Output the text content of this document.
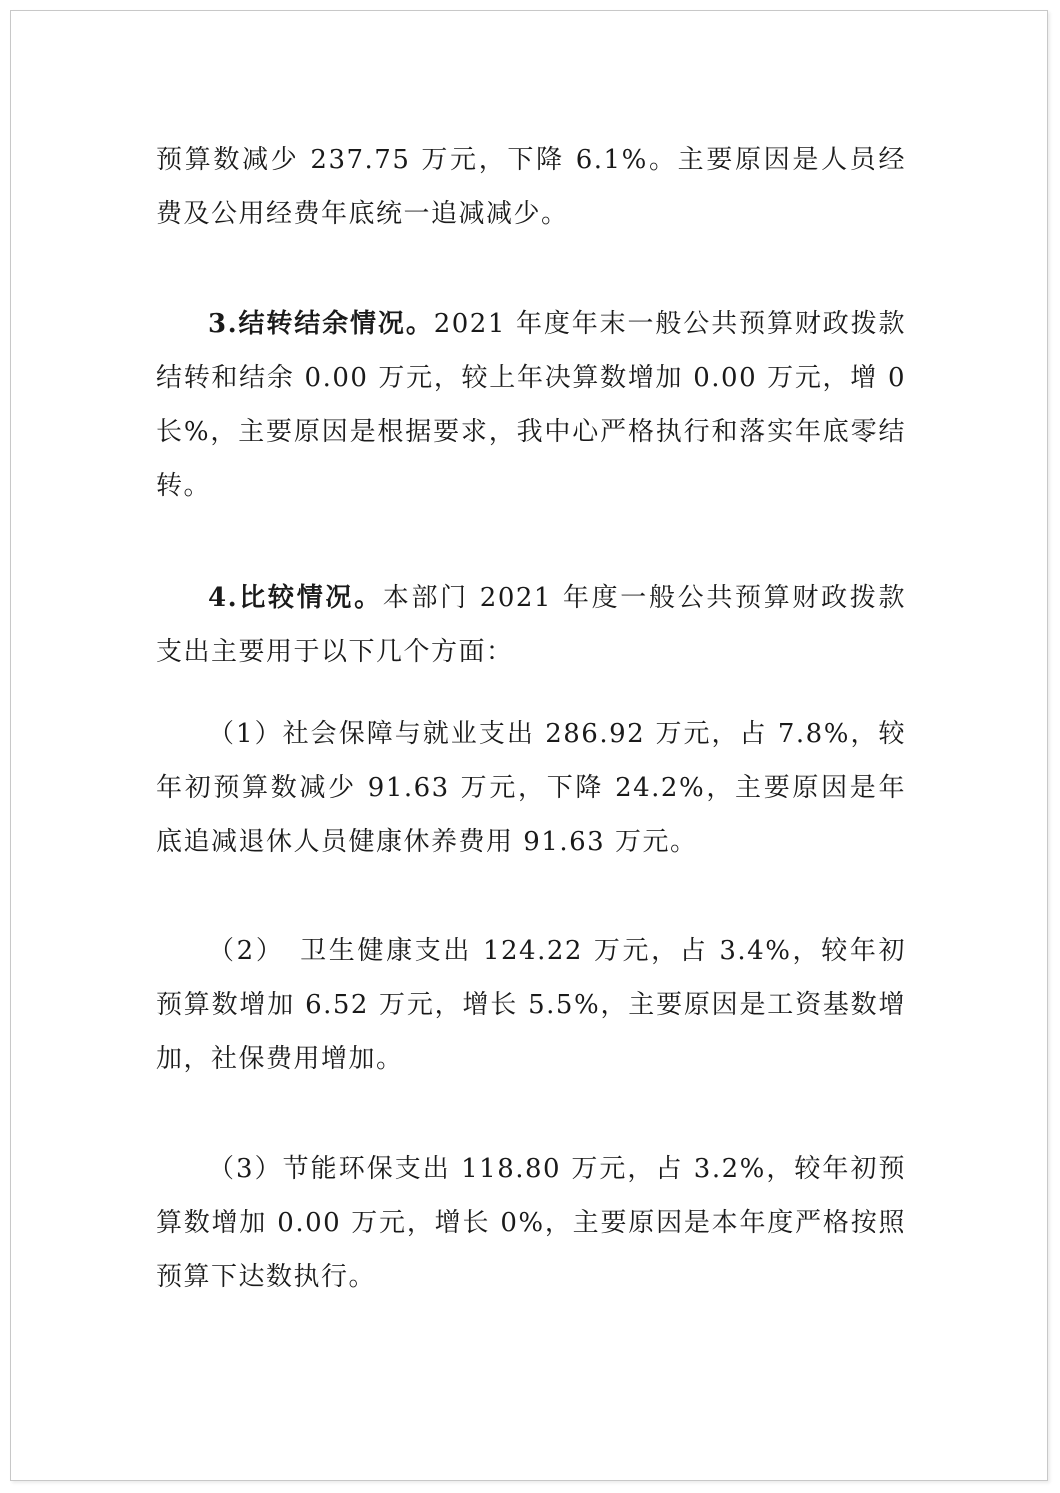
预算数减少 237.75 万元，下降 6.1%。主要原因是人员经费及公用经费年底统一追减减少。

3.结转结余情况。2021 年度年末一般公共预算财政拨款结转和结余 0.00 万元，较上年决算数增加 0.00 万元，增 0 长%，主要原因是根据要求，我中心严格执行和落实年底零结转。

4.比较情况。本部门 2021 年度一般公共预算财政拨款支出主要用于以下几个方面：

（1）社会保障与就业支出 286.92 万元，占 7.8%，较年初预算数减少 91.63 万元，下降 24.2%，主要原因是年底追减退休人员健康休养费用 91.63 万元。

（2）　卫生健康支出 124.22 万元，占 3.4%，较年初预算数增加 6.52 万元，增长 5.5%，主要原因是工资基数增加，社保费用增加。

（3）节能环保支出 118.80 万元，占 3.2%，较年初预算数增加 0.00 万元，增长 0%，主要原因是本年度严格按照预算下达数执行。
